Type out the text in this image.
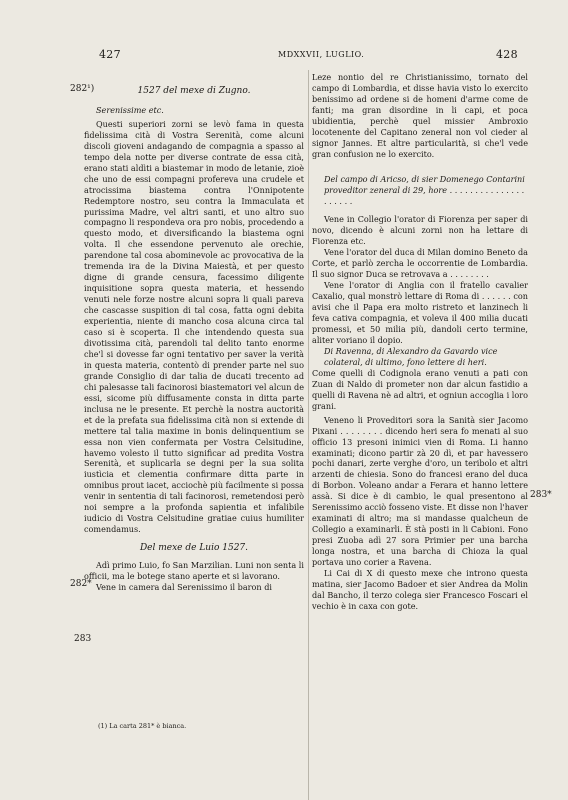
427	MDXXVII, LUGLIO.	428
282¹)
282*
283
283*

1527 del mexe di Zugno.

Serenissime etc.

Questi superiori zorni se levò fama in questa fidelissima cità di Vostra Serenità, come alcuni discoli gioveni andagando de compagnia a spasso al tempo dela notte per diverse contrate de essa cità, erano stati aldìti a biastemar in modo de letanie, zioè che uno de essi compagni proferevа una crudele et atrocissima biastema contra l'Onnipotente Redemptore nostro, seu contra la Immaculata et purissima Madre, vel altri santi, et uno altro suo compagno li respondeva ora pro nobis, procedendo a questo modo, et diversificando la biastema ogni volta. Il che essendone pervenuto ale orechie, parendone tal cosa abominevole ac provocativa de la tremenda ira de la Divina Maiestà, et per questo digne di grande censura, facessimo diligente inquisitione sopra questa materia, et hessendo venuti nele forze nostre alcuni sopra li quali pareva che cascasse suspition di tal cosa, fatta ogni debita experientia, niente di mancho cosa alcuna circa tal caso si è scoperta. Il che intendendo questa sua divotissima cità, parendoli tal delito tanto enorme che'l si dovesse far ogni tentativo per saver la verità in questa materia, contentò di prender parte nel suo grande Consiglio di dar talia de ducati trecento ad chi palesasse tali facinorosi biastematori vel alcun de essi, sicome più diffusamente consta in ditta parte inclusa ne le presente. Et perchè la nostra auctorità et de la prefata sua fidelissima cità non si extende di mettere tal talia maxime in bonis delinquentium se essa non vien confermata per Vostra Celsitudine, havemo volesto il tutto significar ad predita Vostra Serenità, et suplicarla se degni per la sua solita iustìcia et clementia confirmare ditta parte in omnibus prout iacet, acciochè più facilmente si possa venir in sententia di tali facinorosi, remetendosi però noi sempre a la profonda sapientia et infalibile iudicio di Vostra Celsitudine gratiae cuius humiliter comendamus.

Del mexe de Luio 1527.

Adì primo Luio, fo San Marzilian. Luni non senta li officii, ma le botege stano aperte et si lavorano.

Vene in camera dal Serenissimo il baron di

(1) La carta 281* è bianca.

Leze nontio del re Christianissimo, tornato del campo di Lombardia, et disse havia visto lo exercito benissimo ad ordene si de homeni d'arme come de fanti; ma gran disordine in li capi, et poca ubidientia, perchè quel missier Ambroxio locotenente del Capitano zeneral non vol cieder al signor Jannes. Et altre particularità, si che'l vede gran confusion ne lo exercito.

Del campo di Aricso, di sier Domenego Contarini proveditor zeneral di 29, hore . . . . . . . . . . . . . . . . . . . . .

Vene in Collegio l'orator di Fiorenza per saper di novo, dicendo è alcuni zorni non ha lettare di Fiorenza etc.

Vene l'orator del duca di Milan domino Beneto da Corte, et parlò zercha le occorrentie de Lombardia. Il suo signor Duca se retrovava a . . . . . . . .

Vene l'orator di Anglia con il fratello cavalier Caxalio, qual monstrò lettare di Roma di . . . . . . con avisi che il Papa era molto ristreto et lanzinech li feva cativa compagnia, et voleva il 400 milia ducati promessi, et 50 milia più, dandoli certo termine, aliter voriano il dopio.

Di Ravenna, di Alexandro da Gavardo vice colateral, di ultimo, fono lettere di heri.

Come quelli di Codignola erano venuti a pati con Zuan di Naldo di prometer non dar alcun fastidio a quelli di Ravena nè ad altri, et ogniun accoglia i loro grani.

Veneno li Proveditori sora la Sanità sier Jacomo Pixani . . . . . . . . dicendo heri sera fo menati al suo officio 13 presoni inimici vien di Roma. Li hanno examinati; dicono partir zà 20 dì, et par havessero pochi danari, zerte verghe d'oro, un teribolo et altri arzenti de chiesia. Sono do francesi erano del duca di Borbon. Voleano andar a Ferara et hanno lettere assà. Si dice è di cambio, le qual presentono al Serenissimo acciò fosseno viste. Et disse non l'haver examinati di altro; ma si mandasse qualcheun de Collegio a examinarli. È stà posti in li Cabioni. Fono presi Zuoba adì 27 sora Primier per una barcha longa nostra, et una barcha di Chioza la qual portava uno corier a Ravena.

Li Cai di X di questo mexe che introno questa matina, sier Jacomo Badoer et sier Andrea da Molin dal Bancho, il terzo colega sier Francesco Foscari el vechio è in caxa con gote.
